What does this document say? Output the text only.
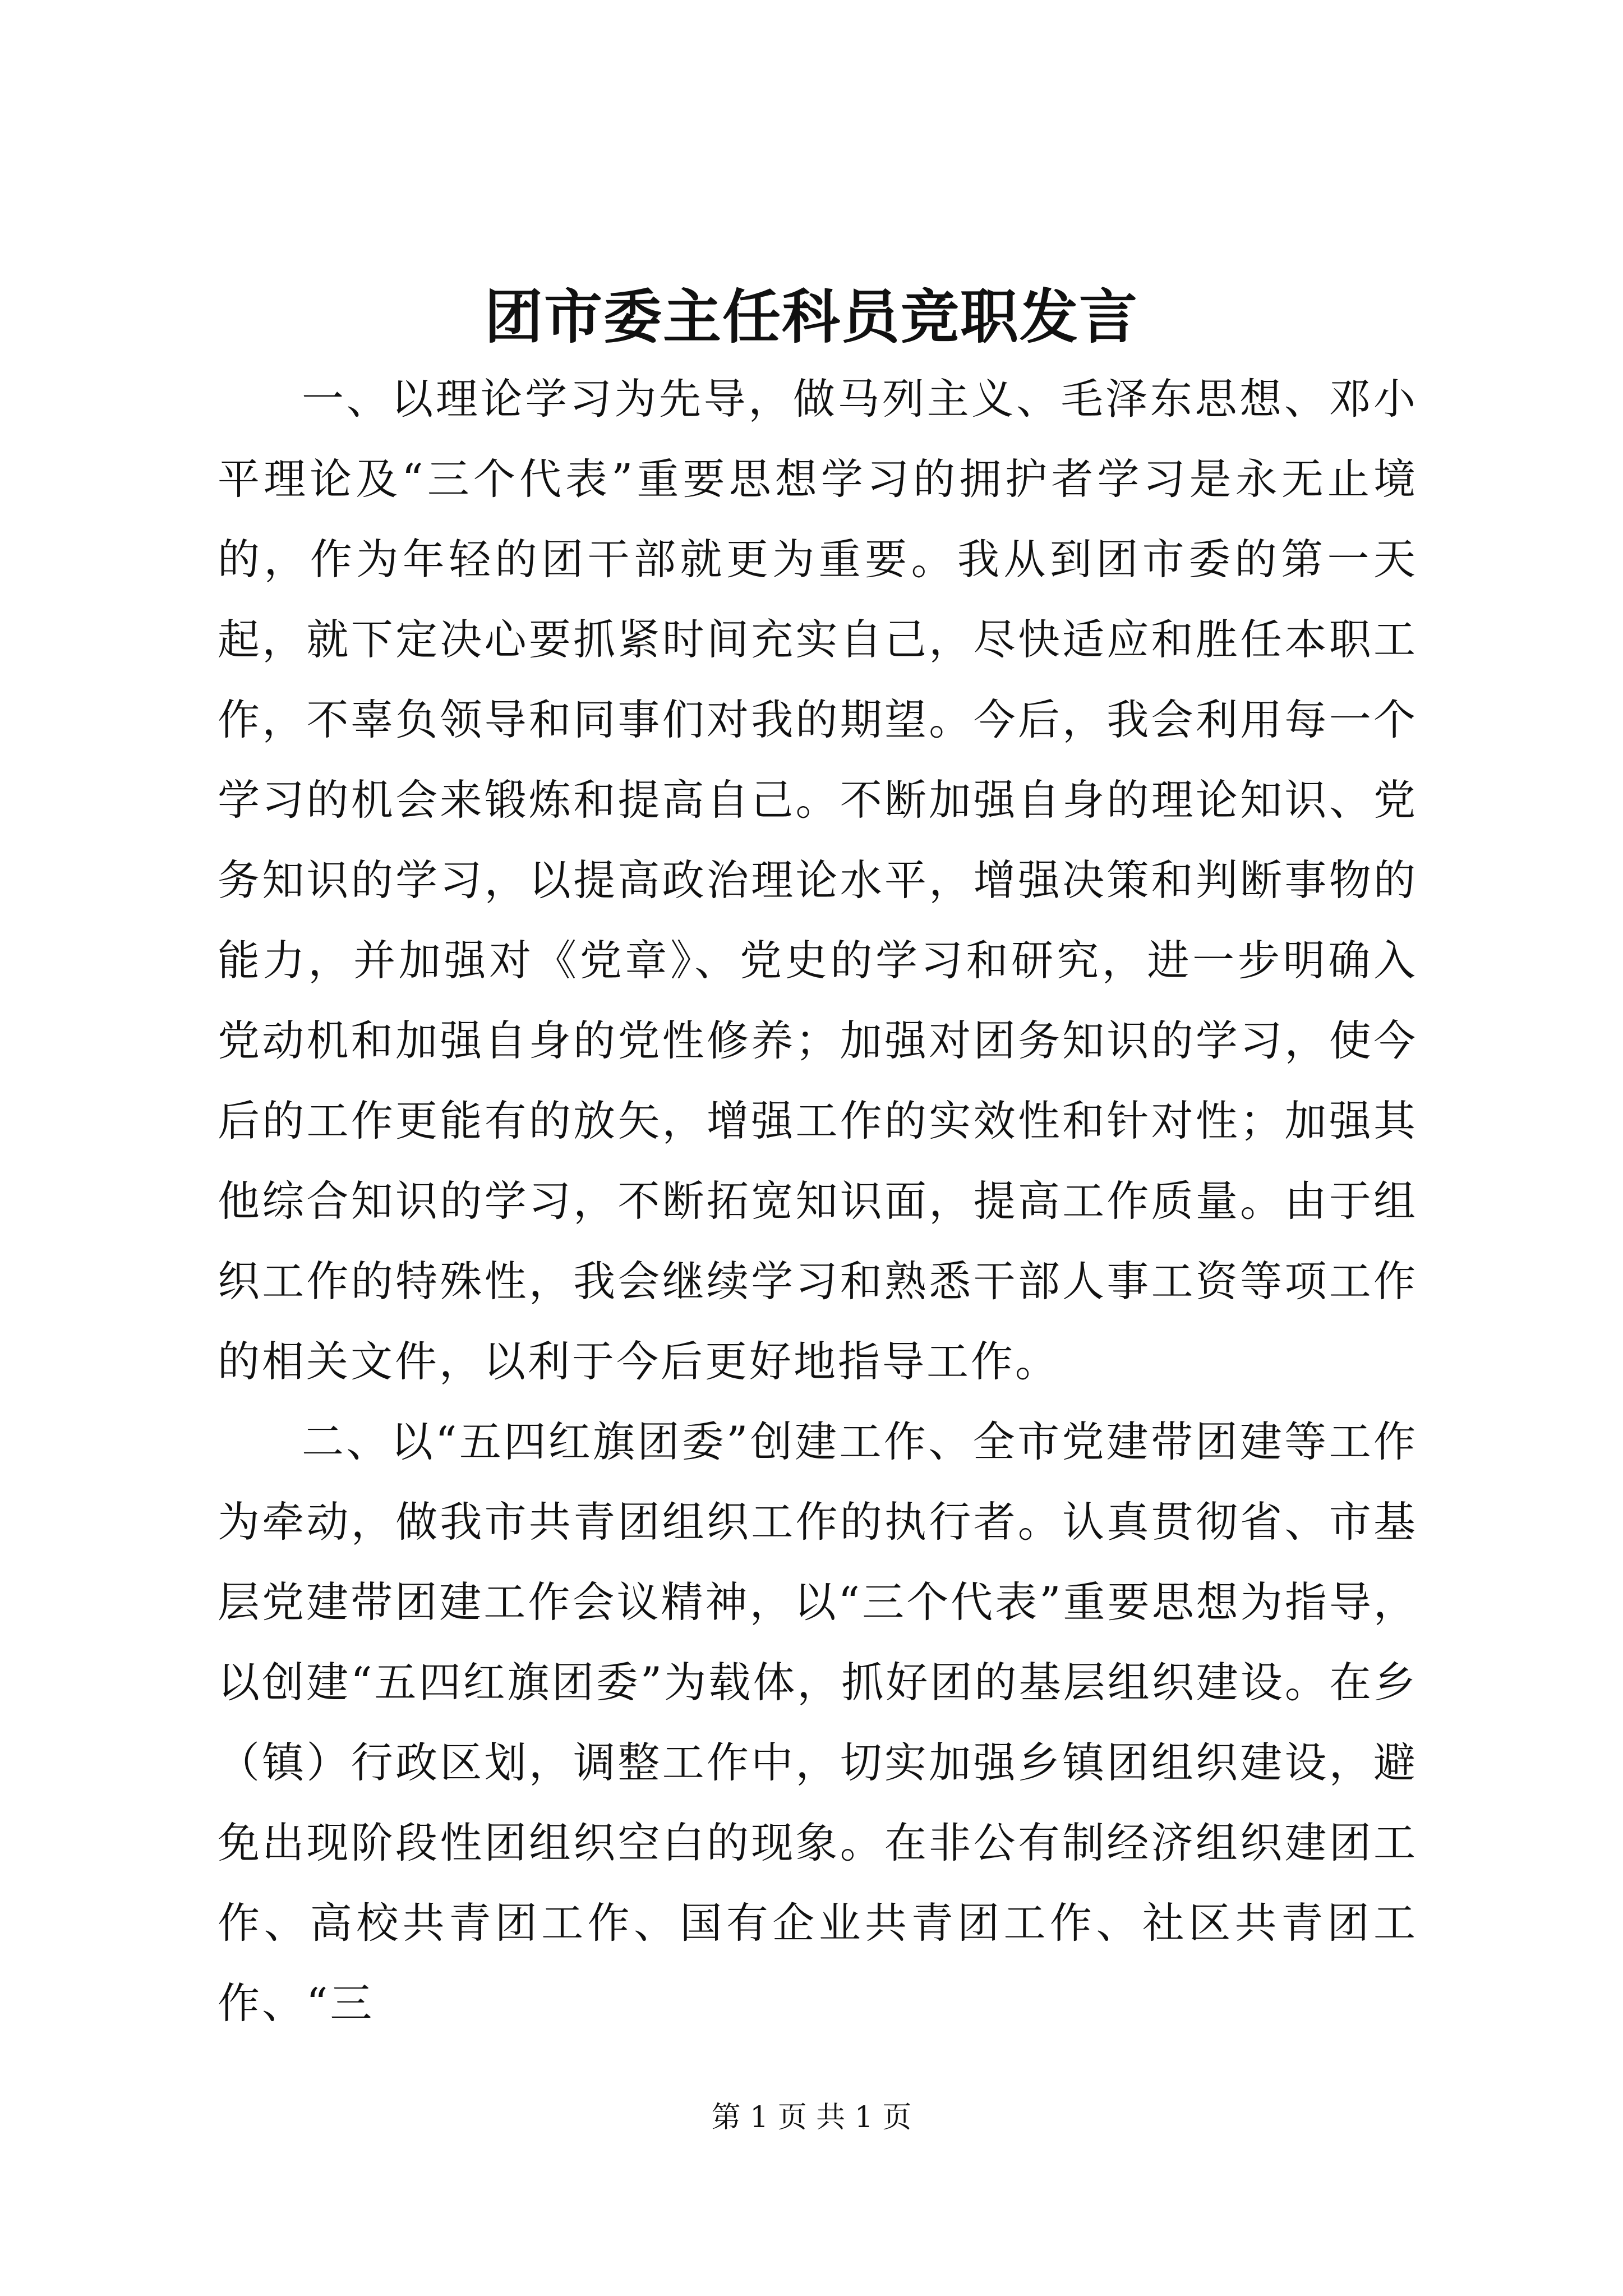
团市委主任科员竞职发言

一、以理论学习为先导，做马列主义、毛泽东思想、邓小平理论及“三个代表”重要思想学习的拥护者学习是永无止境的，作为年轻的团干部就更为重要。我从到团市委的第一天起，就下定决心要抓紧时间充实自己，尽快适应和胜任本职工作，不辜负领导和同事们对我的期望。今后，我会利用每一个学习的机会来锻炼和提高自己。不断加强自身的理论知识、党务知识的学习，以提高政治理论水平，增强决策和判断事物的能力，并加强对《党章》、党史的学习和研究，进一步明确入党动机和加强自身的党性修养；加强对团务知识的学习，使今后的工作更能有的放矢，增强工作的实效性和针对性；加强其他综合知识的学习，不断拓宽知识面，提高工作质量。由于组织工作的特殊性，我会继续学习和熟悉干部人事工资等项工作的相关文件，以利于今后更好地指导工作。

二、以“五四红旗团委”创建工作、全市党建带团建等工作为牵动，做我市共青团组织工作的执行者。认真贯彻省、市基层党建带团建工作会议精神，以“三个代表”重要思想为指导，以创建“五四红旗团委”为载体，抓好团的基层组织建设。在乡（镇）行政区划，调整工作中，切实加强乡镇团组织建设，避免出现阶段性团组织空白的现象。在非公有制经济组织建团工作、高校共青团工作、国有企业共青团工作、社区共青团工作、“三

第 1 页 共 1 页
